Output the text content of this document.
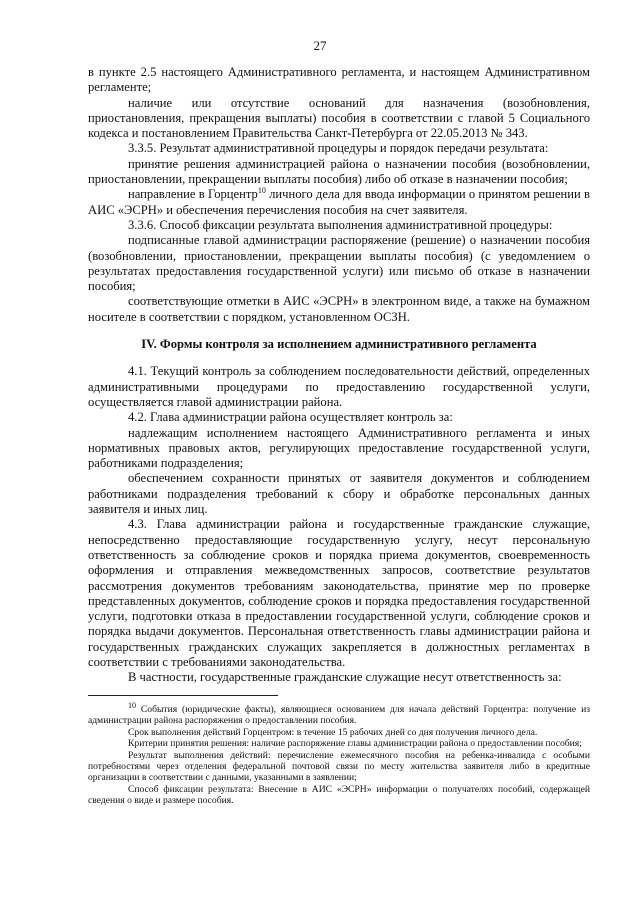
27

в пункте 2.5 настоящего Административного регламента, и настоящем Административном регламенте;

наличие или отсутствие оснований для назначения (возобновления, приостановления, прекращения выплаты) пособия в соответствии с главой 5 Социального кодекса и постановлением Правительства Санкт-Петербурга от 22.05.2013 № 343.

3.3.5. Результат административной процедуры и порядок передачи результата:

принятие решения администрацией района о назначении пособия (возобновлении, приостановлении, прекращении выплаты пособия) либо об отказе в назначении пособия;

направление в Горцентр$^{10}$ личного дела для ввода информации о принятом решении в АИС «ЭСРН» и обеспечения перечисления пособия на счет заявителя.

3.3.6. Способ фиксации результата выполнения административной процедуры:

подписанные главой администрации распоряжение (решение) о назначении пособия (возобновлении, приостановлении, прекращении выплаты пособия) (с уведомлением о результатах предоставления государственной услуги) или письмо об отказе в назначении пособия;

соответствующие отметки в АИС «ЭСРН» в электронном виде, а также на бумажном носителе в соответствии с порядком, установленном ОСЗН.

IV. Формы контроля за исполнением административного регламента

4.1. Текущий контроль за соблюдением последовательности действий, определенных административными процедурами по предоставлению государственной услуги, осуществляется главой администрации района.

4.2. Глава администрации района осуществляет контроль за:

надлежащим исполнением настоящего Административного регламента и иных нормативных правовых актов, регулирующих предоставление государственной услуги, работниками подразделения;

обеспечением сохранности принятых от заявителя документов и соблюдением работниками подразделения требований к сбору и обработке персональных данных заявителя и иных лиц.

4.3. Глава администрации района и государственные гражданские служащие, непосредственно предоставляющие государственную услугу, несут персональную ответственность за соблюдение сроков и порядка приема документов, своевременность оформления и отправления межведомственных запросов, соответствие результатов рассмотрения документов требованиям законодательства, принятие мер по проверке представленных документов, соблюдение сроков и порядка предоставления государственной услуги, подготовки отказа в предоставлении государственной услуги, соблюдение сроков и порядка выдачи документов. Персональная ответственность главы администрации района и государственных гражданских служащих закрепляется в должностных регламентах в соответствии с требованиями законодательства.

В частности, государственные гражданские служащие несут ответственность за:

$^{10}$ События (юридические факты), являющиеся основанием для начала действий Горцентра: получение из администрации района распоряжения о предоставлении пособия.

Срок выполнения действий Горцентром: в течение 15 рабочих дней со дня получения личного дела.

Критерии принятия решения: наличие распоряжение главы администрации района о предоставлении пособия;

Результат выполнения действий: перечисление ежемесячного пособия на ребенка-инвалида с особыми потребностями через отделения федеральной почтовой связи по месту жительства заявителя либо в кредитные организации в соответствии с данными, указанными в заявлении;

Способ фиксации результата: Внесение в АИС «ЭСРН» информации о получателях пособий, содержащей сведения о виде и размере пособия.
